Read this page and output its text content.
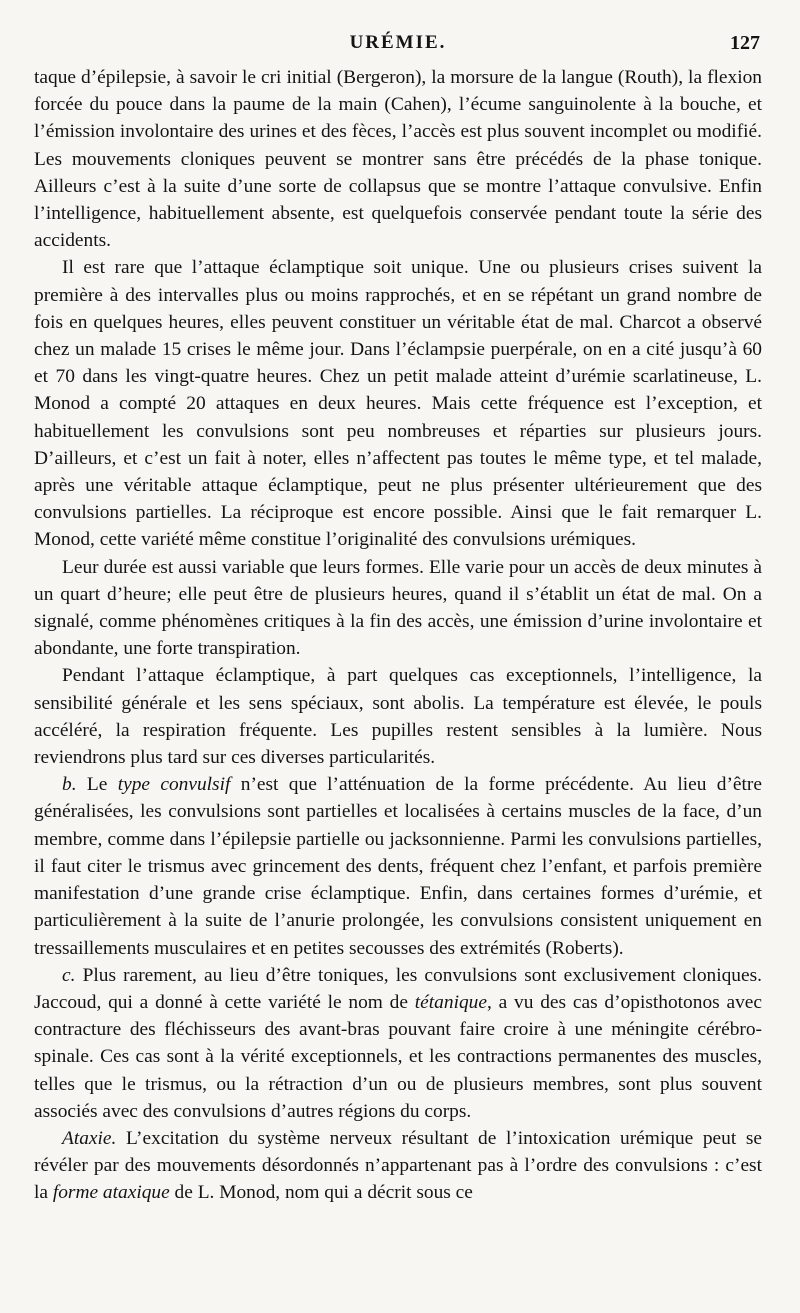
URÉMIE.	127

taque d’épilepsie, à savoir le cri initial (Bergeron), la morsure de la langue (Routh), la flexion forcée du pouce dans la paume de la main (Cahen), l’écume sanguinolente à la bouche, et l’émission involontaire des urines et des fèces, l’accès est plus souvent incomplet ou modifié. Les mouvements cloniques peuvent se montrer sans être précédés de la phase tonique. Ailleurs c’est à la suite d’une sorte de collapsus que se montre l’attaque convulsive. Enfin l’intelligence, habituellement absente, est quelquefois conservée pendant toute la série des accidents.

Il est rare que l’attaque éclamptique soit unique. Une ou plusieurs crises suivent la première à des intervalles plus ou moins rapprochés, et en se répétant un grand nombre de fois en quelques heures, elles peuvent constituer un véritable état de mal. Charcot a observé chez un malade 15 crises le même jour. Dans l’éclampsie puerpérale, on en a cité jusqu’à 60 et 70 dans les vingt-quatre heures. Chez un petit malade atteint d’urémie scarlatineuse, L. Monod a compté 20 attaques en deux heures. Mais cette fréquence est l’exception, et habituellement les convulsions sont peu nombreuses et réparties sur plusieurs jours. D’ailleurs, et c’est un fait à noter, elles n’affectent pas toutes le même type, et tel malade, après une véritable attaque éclamptique, peut ne plus présenter ultérieurement que des convulsions partielles. La réciproque est encore possible. Ainsi que le fait remarquer L. Monod, cette variété même constitue l’originalité des convulsions urémiques.

Leur durée est aussi variable que leurs formes. Elle varie pour un accès de deux minutes à un quart d’heure; elle peut être de plusieurs heures, quand il s’établit un état de mal. On a signalé, comme phénomènes critiques à la fin des accès, une émission d’urine involontaire et abondante, une forte transpiration.

Pendant l’attaque éclamptique, à part quelques cas exceptionnels, l’intelligence, la sensibilité générale et les sens spéciaux, sont abolis. La température est élevée, le pouls accéléré, la respiration fréquente. Les pupilles restent sensibles à la lumière. Nous reviendrons plus tard sur ces diverses particularités.

b. Le type convulsif n’est que l’atténuation de la forme précédente. Au lieu d’être généralisées, les convulsions sont partielles et localisées à certains muscles de la face, d’un membre, comme dans l’épilepsie partielle ou jacksonnienne. Parmi les convulsions partielles, il faut citer le trismus avec grincement des dents, fréquent chez l’enfant, et parfois première manifestation d’une grande crise éclamptique. Enfin, dans certaines formes d’urémie, et particulièrement à la suite de l’anurie prolongée, les convulsions consistent uniquement en tressaillements musculaires et en petites secousses des extrémités (Roberts).

c. Plus rarement, au lieu d’être toniques, les convulsions sont exclusivement cloniques. Jaccoud, qui a donné à cette variété le nom de tétanique, a vu des cas d’opisthotonos avec contracture des fléchisseurs des avant-bras pouvant faire croire à une méningite cérébro-spinale. Ces cas sont à la vérité exceptionnels, et les contractions permanentes des muscles, telles que le trismus, ou la rétraction d’un ou de plusieurs membres, sont plus souvent associés avec des convulsions d’autres régions du corps.

Ataxie. L’excitation du système nerveux résultant de l’intoxication urémique peut se révéler par des mouvements désordonnés n’appartenant pas à l’ordre des convulsions : c’est la forme ataxique de L. Monod, nom qui a décrit sous ce
